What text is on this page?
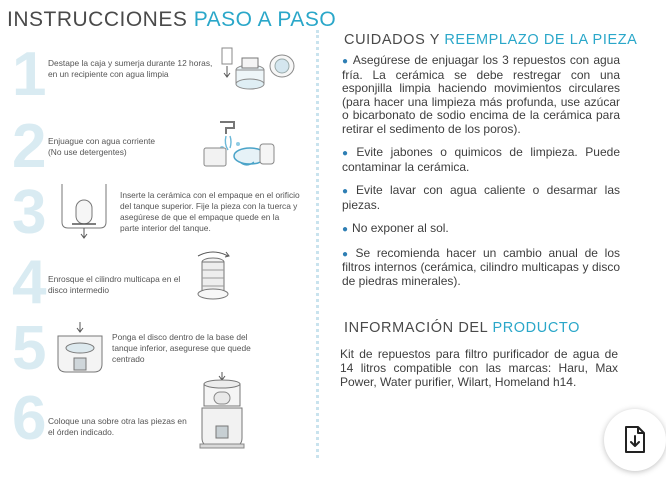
INSTRUCCIONES PASO A PASO
1 Destape la caja y sumerja durante 12 horas, en un recipiente con agua limpia
2 Enjuague con agua corriente (No use detergentes)
3	Inserte la cerámica con el empaque en el orificio del tanque superior. Fije la pieza con la tuerca y asegúrese de que el empaque quede en la parte interior del tanque.
4 Enrosque el cilindro multicapa en el disco intermedio
5	Ponga el disco dentro de la base del tanque inferior, asegurese que quede centrado
6 Coloque una sobre otra las piezas en el órden indicado.
CUIDADOS Y REEMPLAZO DE LA PIEZA
● Asegúrese de enjuagar los 3 repuestos con agua fría. La cerámica se debe restregar con una esponjilla limpia haciendo movimientos circulares (para hacer una limpieza más profunda, use azúcar o bicarbonato de sodio encima de la cerámica para retirar el sedimento de los poros).
● Evite jabones o quimicos de limpieza. Puede contaminar la cerámica.
● Evite lavar con agua caliente o desarmar las piezas.
● No exponer al sol.
● Se recomienda hacer un cambio anual de los filtros internos (cerámica, cilindro multicapas y disco de piedras minerales).
INFORMACIÓN DEL PRODUCTO
Kit de repuestos para filtro purificador de agua de 14 litros compatible con las marcas: Haru, Max Power, Water purifier, Wilart, Homeland h14.
